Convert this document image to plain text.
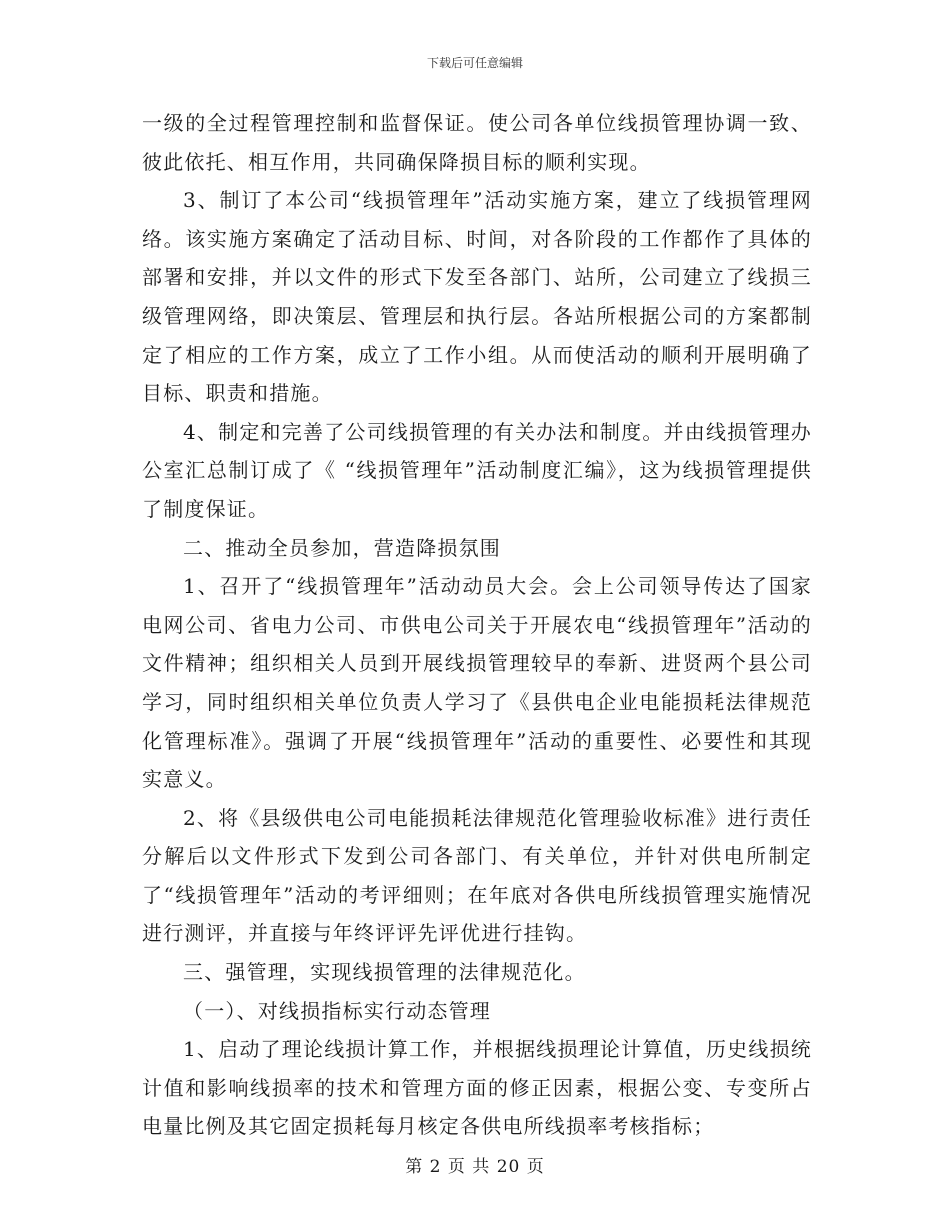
下载后可任意编辑

一级的全过程管理控制和监督保证。使公司各单位线损管理协调一致、彼此依托、相互作用，共同确保降损目标的顺利实现。

3、制订了本公司“线损管理年”活动实施方案，建立了线损管理网络。该实施方案确定了活动目标、时间，对各阶段的工作都作了具体的部署和安排，并以文件的形式下发至各部门、站所，公司建立了线损三级管理网络，即决策层、管理层和执行层。各站所根据公司的方案都制定了相应的工作方案，成立了工作小组。从而使活动的顺利开展明确了目标、职责和措施。

4、制定和完善了公司线损管理的有关办法和制度。并由线损管理办公室汇总制订成了《 “线损管理年”活动制度汇编》，这为线损管理提供了制度保证。

二、推动全员参加，营造降损氛围

1、召开了“线损管理年”活动动员大会。会上公司领导传达了国家电网公司、省电力公司、市供电公司关于开展农电“线损管理年”活动的文件精神；组织相关人员到开展线损管理较早的奉新、进贤两个县公司学习，同时组织相关单位负责人学习了《县供电企业电能损耗法律规范化管理标准》。强调了开展“线损管理年”活动的重要性、必要性和其现实意义。

2、将《县级供电公司电能损耗法律规范化管理验收标准》进行责任分解后以文件形式下发到公司各部门、有关单位，并针对供电所制定了“线损管理年”活动的考评细则；在年底对各供电所线损管理实施情况进行测评，并直接与年终评评先评优进行挂钩。

三、强管理，实现线损管理的法律规范化。

（一）、对线损指标实行动态管理

1、启动了理论线损计算工作，并根据线损理论计算值，历史线损统计值和影响线损率的技术和管理方面的修正因素，根据公变、专变所占电量比例及其它固定损耗每月核定各供电所线损率考核指标；

第 2 页 共 20 页
